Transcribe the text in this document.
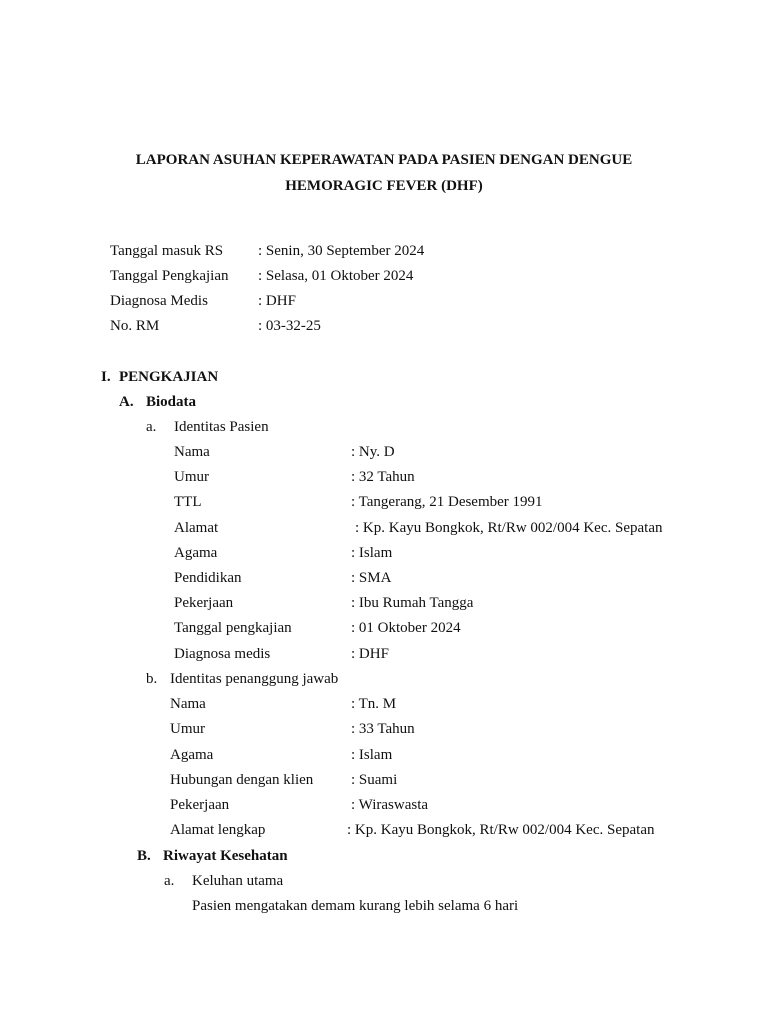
LAPORAN ASUHAN KEPERAWATAN PADA PASIEN DENGAN DENGUE
HEMORAGIC FEVER (DHF)
Tanggal masuk RS : Senin, 30 September 2024
Tanggal Pengkajian : Selasa, 01 Oktober 2024
Diagnosa Medis	: DHF
No. RM	: 03-32-25
I. PENGKAJIAN
A. Biodata
a. Identitas Pasien
Nama	: Ny. D
Umur	: 32 Tahun
TTL	: Tangerang, 21 Desember 1991
Alamat	: Kp. Kayu Bongkok, Rt/Rw 002/004 Kec. Sepatan
Agama	: Islam
Pendidikan	: SMA
Pekerjaan	: Ibu Rumah Tangga
Tanggal pengkajian	: 01 Oktober 2024
Diagnosa medis	: DHF
b. Identitas penanggung jawab
Nama	: Tn. M
Umur	: 33 Tahun
Agama	: Islam
Hubungan dengan klien	: Suami
Pekerjaan	: Wiraswasta
Alamat lengkap	: Kp. Kayu Bongkok, Rt/Rw 002/004 Kec. Sepatan
B. Riwayat Kesehatan
a. Keluhan utama
Pasien mengatakan demam kurang lebih selama 6 hari
